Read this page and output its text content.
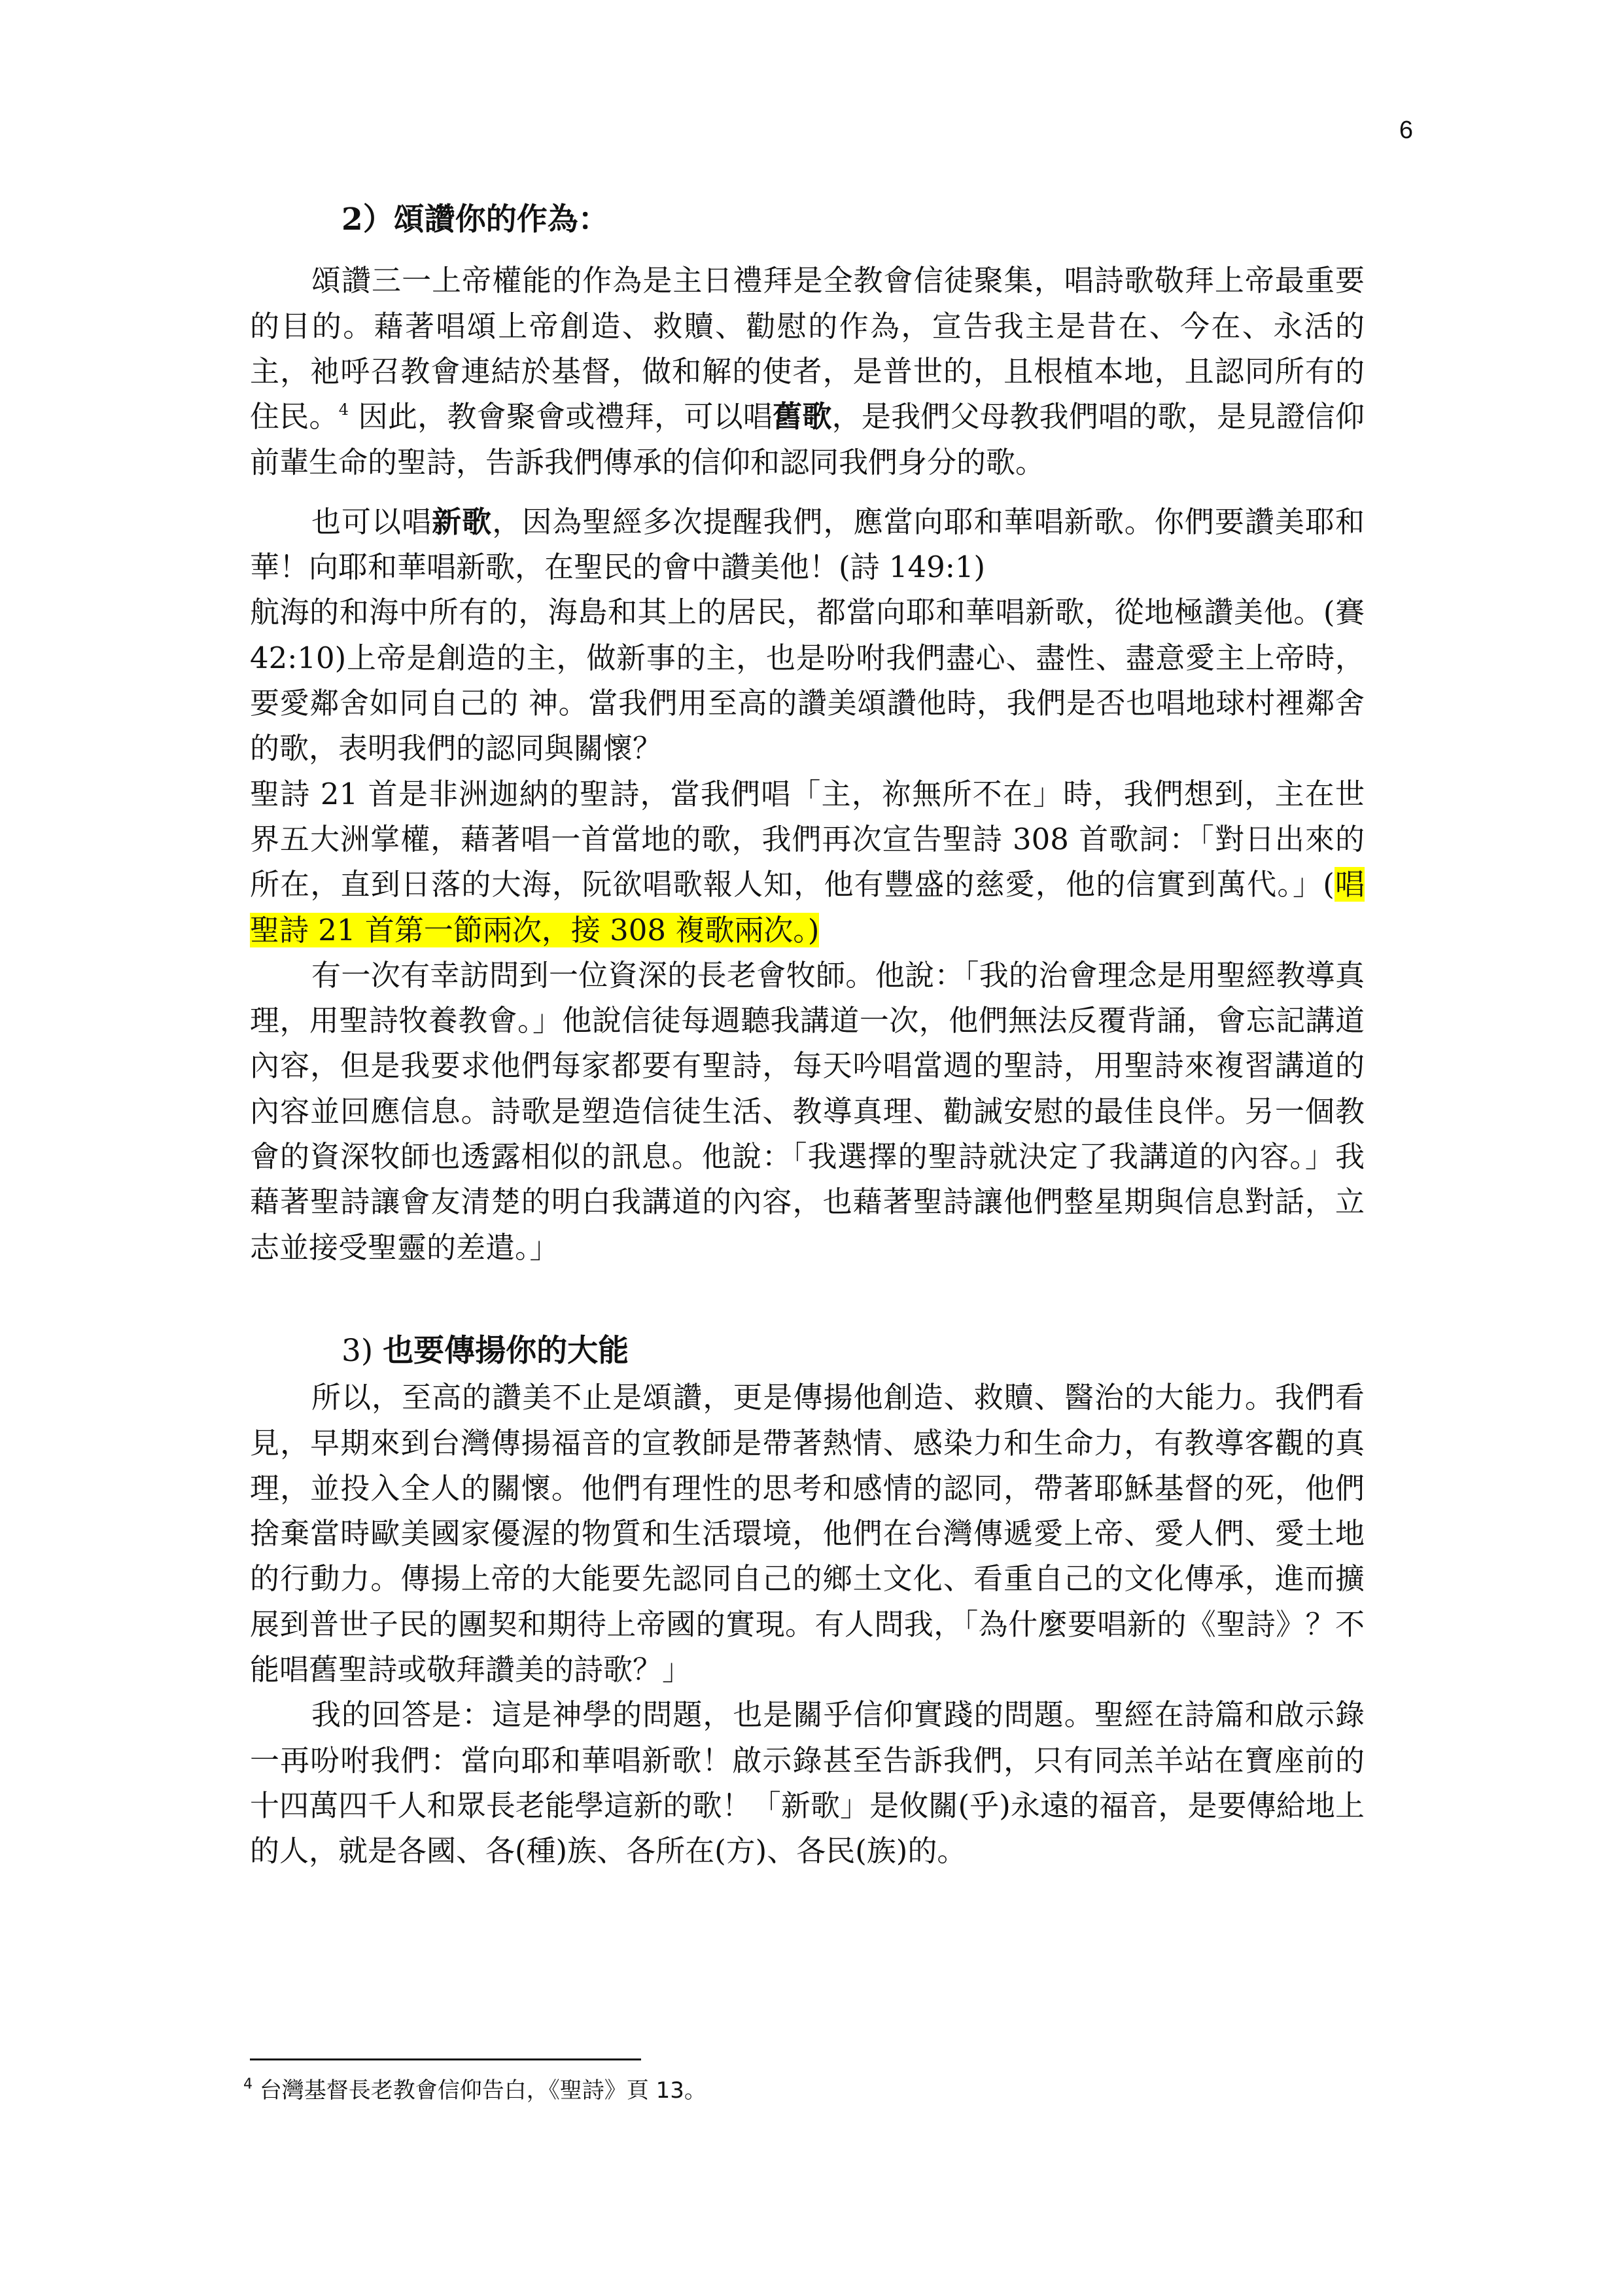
6
2）頌讚你的作為：

頌讚三一上帝權能的作為是主日禮拜是全教會信徒聚集，唱詩歌敬拜上帝最重要的目的。藉著唱頌上帝創造、救贖、勸慰的作為，宣告我主是昔在、今在、永活的主，祂呼召教會連結於基督，做和解的使者，是普世的，且根植本地，且認同所有的住民。$^4$ 因此，教會聚會或禮拜，可以唱舊歌，是我們父母教我們唱的歌，是見證信仰前輩生命的聖詩，告訴我們傳承的信仰和認同我們身分的歌。

也可以唱新歌，因為聖經多次提醒我們，應當向耶和華唱新歌。你們要讚美耶和華！向耶和華唱新歌，在聖民的會中讚美他！(詩 149:1)

航海的和海中所有的，海島和其上的居民，都當向耶和華唱新歌，從地極讚美他。(賽 42:10)上帝是創造的主，做新事的主，也是吩咐我們盡心、盡性、盡意愛主上帝時，要愛鄰舍如同自己的 神。當我們用至高的讚美頌讚他時，我們是否也唱地球村裡鄰舍的歌，表明我們的認同與關懷？

聖詩 21 首是非洲迦納的聖詩，當我們唱「主，祢無所不在」時，我們想到，主在世界五大洲掌權，藉著唱一首當地的歌，我們再次宣告聖詩 308 首歌詞：「對日出來的所在，直到日落的大海，阮欲唱歌報人知，他有豐盛的慈愛，他的信實到萬代。」(唱聖詩 21 首第一節兩次，接 308 複歌兩次。)

有一次有幸訪問到一位資深的長老會牧師。他說：「我的治會理念是用聖經教導真理，用聖詩牧養教會。」他說信徒每週聽我講道一次，他們無法反覆背誦，會忘記講道內容，但是我要求他們每家都要有聖詩，每天吟唱當週的聖詩，用聖詩來複習講道的內容並回應信息。詩歌是塑造信徒生活、教導真理、勸誡安慰的最佳良伴。另一個教會的資深牧師也透露相似的訊息。他說：「我選擇的聖詩就決定了我講道的內容。」我藉著聖詩讓會友清楚的明白我講道的內容，也藉著聖詩讓他們整星期與信息對話，立志並接受聖靈的差遣。」

3) 也要傳揚你的大能

所以，至高的讚美不止是頌讚，更是傳揚他創造、救贖、醫治的大能力。我們看見，早期來到台灣傳揚福音的宣教師是帶著熱情、感染力和生命力，有教導客觀的真理，並投入全人的關懷。他們有理性的思考和感情的認同，帶著耶穌基督的死，他們捨棄當時歐美國家優渥的物質和生活環境，他們在台灣傳遞愛上帝、愛人們、愛土地的行動力。傳揚上帝的大能要先認同自己的鄉土文化、看重自己的文化傳承，進而擴展到普世子民的團契和期待上帝國的實現。有人問我，「為什麼要唱新的《聖詩》？不能唱舊聖詩或敬拜讚美的詩歌？」

我的回答是：這是神學的問題，也是關乎信仰實踐的問題。聖經在詩篇和啟示錄一再吩咐我們：當向耶和華唱新歌！啟示錄甚至告訴我們，只有同羔羊站在寶座前的十四萬四千人和眾長老能學這新的歌！「新歌」是攸關(乎)永遠的福音，是要傳給地上的人，就是各國、各(種)族、各所在(方)、各民(族)的。

$^4$ 台灣基督長老教會信仰告白，《聖詩》頁 13。
